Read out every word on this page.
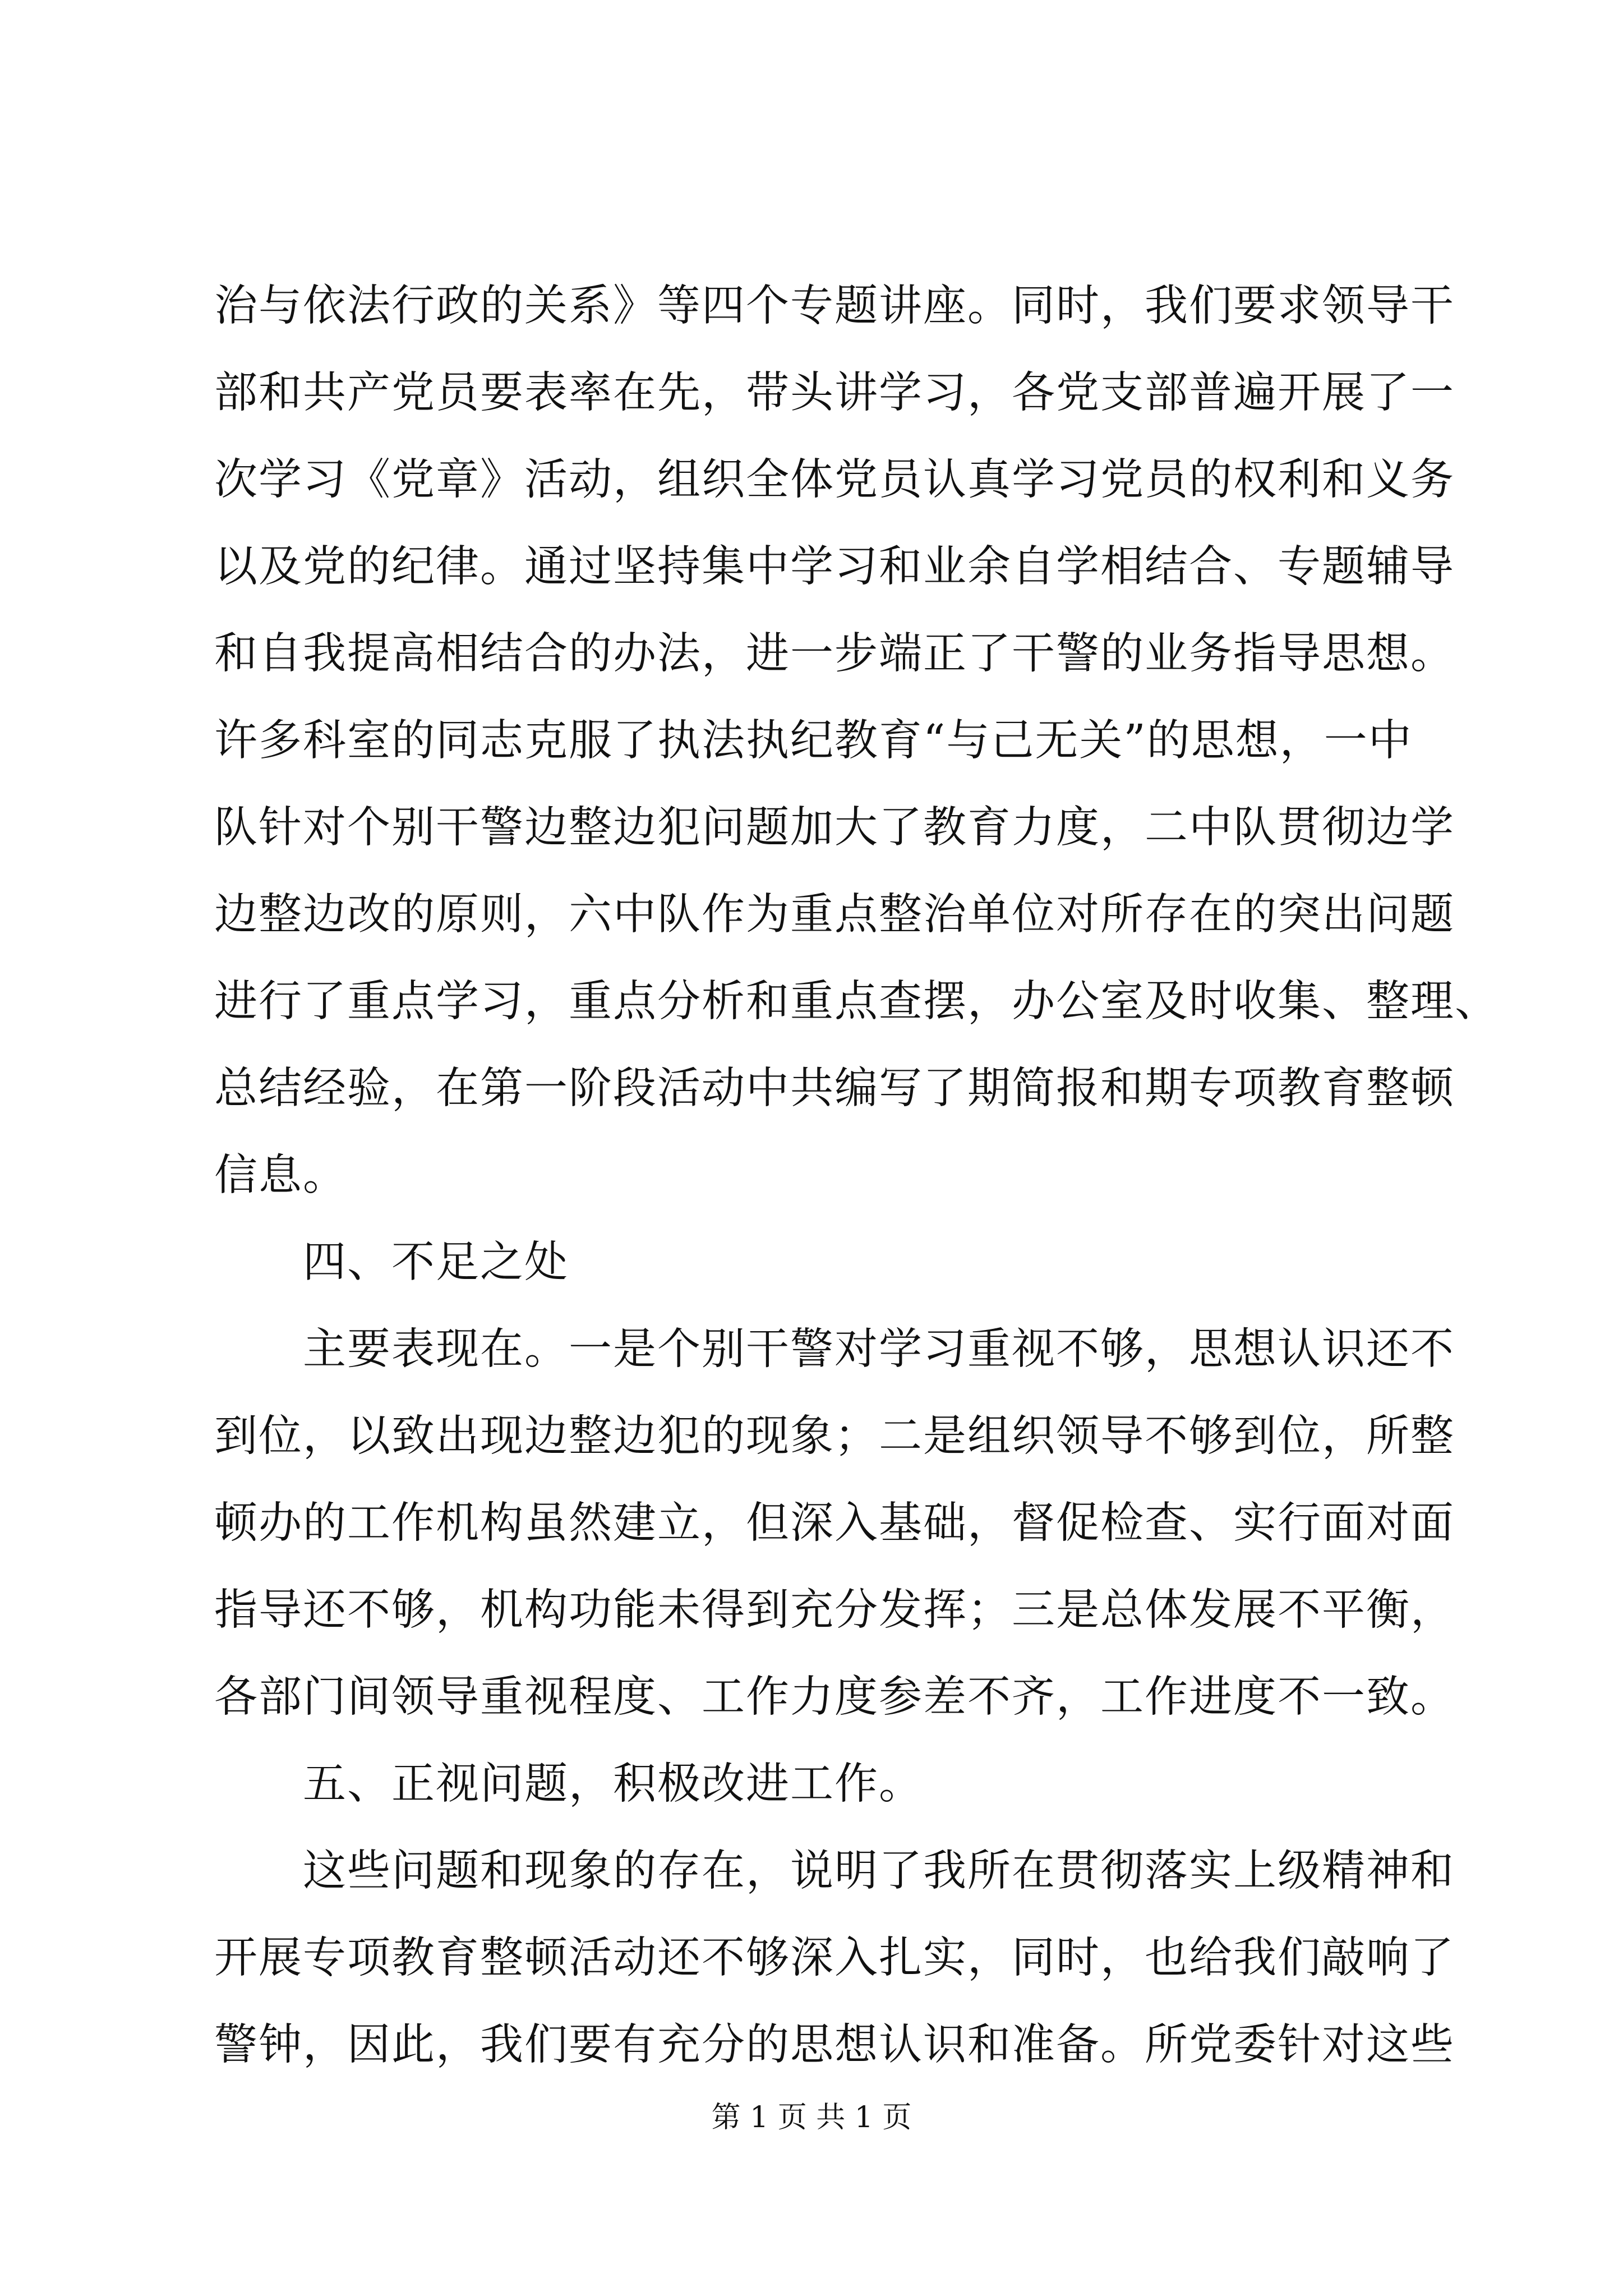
治与依法行政的关系》等四个专题讲座。同时，我们要求领导干
部和共产党员要表率在先，带头讲学习，各党支部普遍开展了一
次学习《党章》活动，组织全体党员认真学习党员的权利和义务
以及党的纪律。通过坚持集中学习和业余自学相结合、专题辅导
和自我提高相结合的办法，进一步端正了干警的业务指导思想。
许多科室的同志克服了执法执纪教育“与己无关”的思想，一中
队针对个别干警边整边犯问题加大了教育力度，二中队贯彻边学
边整边改的原则，六中队作为重点整治单位对所存在的突出问题
进行了重点学习，重点分析和重点查摆，办公室及时收集、整理、
总结经验，在第一阶段活动中共编写了期简报和期专项教育整顿
信息。
四、不足之处
主要表现在。一是个别干警对学习重视不够，思想认识还不
到位，以致出现边整边犯的现象；二是组织领导不够到位，所整
顿办的工作机构虽然建立，但深入基础，督促检查、实行面对面
指导还不够，机构功能未得到充分发挥；三是总体发展不平衡，
各部门间领导重视程度、工作力度参差不齐，工作进度不一致。
五、正视问题，积极改进工作。
这些问题和现象的存在，说明了我所在贯彻落实上级精神和
开展专项教育整顿活动还不够深入扎实，同时，也给我们敲响了
警钟，因此，我们要有充分的思想认识和准备。所党委针对这些
第 1 页 共 1 页
